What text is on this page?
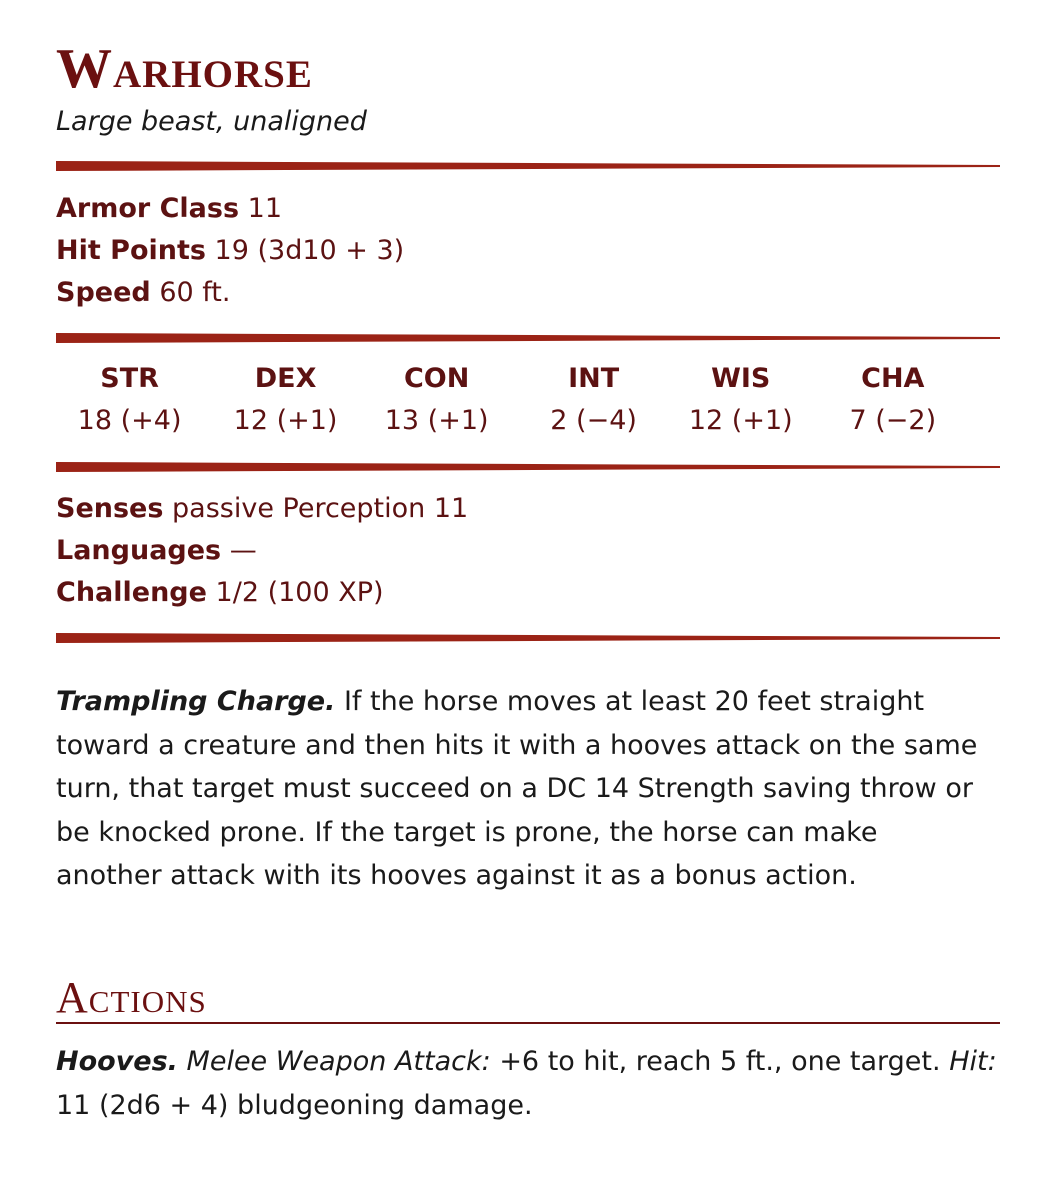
Warhorse
Large beast, unaligned
Armor Class 11
Hit Points 19 (3d10 + 3)
Speed 60 ft.
STR
18 (+4)
DEX
12 (+1)
CON
13 (+1)
INT
2 (−4)
WIS
12 (+1)
CHA
7 (−2)
Senses passive Perception 11
Languages —
Challenge 1/2 (100 XP)
Trampling Charge. If the horse moves at least 20 feet straight toward a creature and then hits it with a hooves attack on the same turn, that target must succeed on a DC 14 Strength saving throw or be knocked prone. If the target is prone, the horse can make another attack with its hooves against it as a bonus action.
Actions
Hooves. Melee Weapon Attack: +6 to hit, reach 5 ft., one target. Hit: 11 (2d6 + 4) bludgeoning damage.
